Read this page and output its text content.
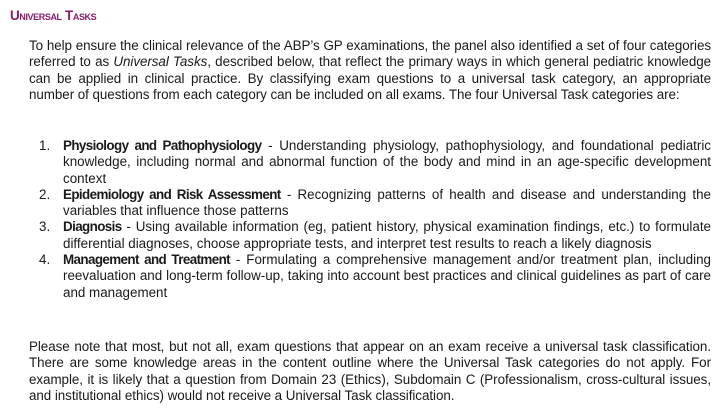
Universal Tasks

To help ensure the clinical relevance of the ABP’s GP examinations, the panel also identified a set of four categories referred to as Universal Tasks, described below, that reflect the primary ways in which general pediatric knowledge can be applied in clinical practice. By classifying exam questions to a universal task category, an appropriate number of questions from each category can be included on all exams. The four Universal Task categories are:

1. Physiology and Pathophysiology - Understanding physiology, pathophysiology, and foundational pediatric knowledge, including normal and abnormal function of the body and mind in an age-specific development context
2. Epidemiology and Risk Assessment - Recognizing patterns of health and disease and understanding the variables that influence those patterns
3. Diagnosis - Using available information (eg, patient history, physical examination findings, etc.) to formulate differential diagnoses, choose appropriate tests, and interpret test results to reach a likely diagnosis
4. Management and Treatment - Formulating a comprehensive management and/or treatment plan, including reevaluation and long-term follow-up, taking into account best practices and clinical guidelines as part of care and management

Please note that most, but not all, exam questions that appear on an exam receive a universal task classification. There are some knowledge areas in the content outline where the Universal Task categories do not apply. For example, it is likely that a question from Domain 23 (Ethics), Subdomain C (Professionalism, cross-cultural issues, and institutional ethics) would not receive a Universal Task classification.
